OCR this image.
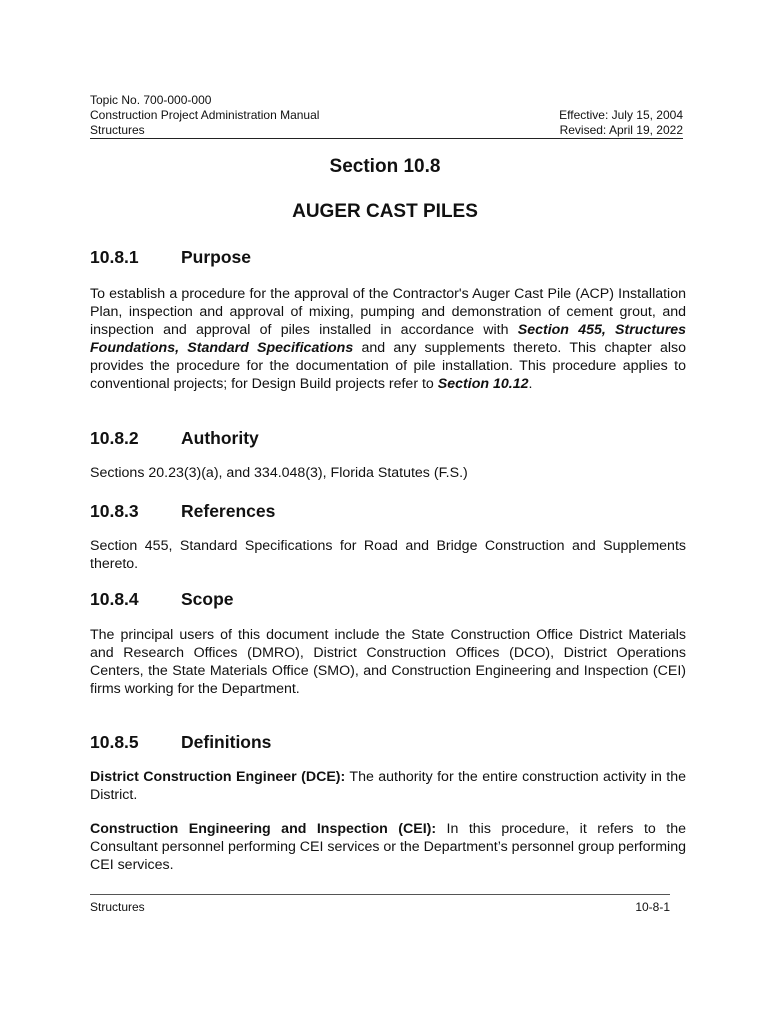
Topic No. 700-000-000
Construction Project Administration Manual
Structures
Effective: July 15, 2004
Revised: April 19, 2022
Section 10.8
AUGER CAST PILES
10.8.1 Purpose
To establish a procedure for the approval of the Contractor's Auger Cast Pile (ACP) Installation Plan, inspection and approval of mixing, pumping and demonstration of cement grout, and inspection and approval of piles installed in accordance with Section 455, Structures Foundations, Standard Specifications and any supplements thereto. This chapter also provides the procedure for the documentation of pile installation. This procedure applies to conventional projects; for Design Build projects refer to Section 10.12.
10.8.2 Authority
Sections 20.23(3)(a), and 334.048(3), Florida Statutes (F.S.)
10.8.3 References
Section 455, Standard Specifications for Road and Bridge Construction and Supplements thereto.
10.8.4 Scope
The principal users of this document include the State Construction Office District Materials and Research Offices (DMRO), District Construction Offices (DCO), District Operations Centers, the State Materials Office (SMO), and Construction Engineering and Inspection (CEI) firms working for the Department.
10.8.5 Definitions
District Construction Engineer (DCE): The authority for the entire construction activity in the District.
Construction Engineering and Inspection (CEI): In this procedure, it refers to the Consultant personnel performing CEI services or the Department’s personnel group performing CEI services.
Structures	10-8-1
